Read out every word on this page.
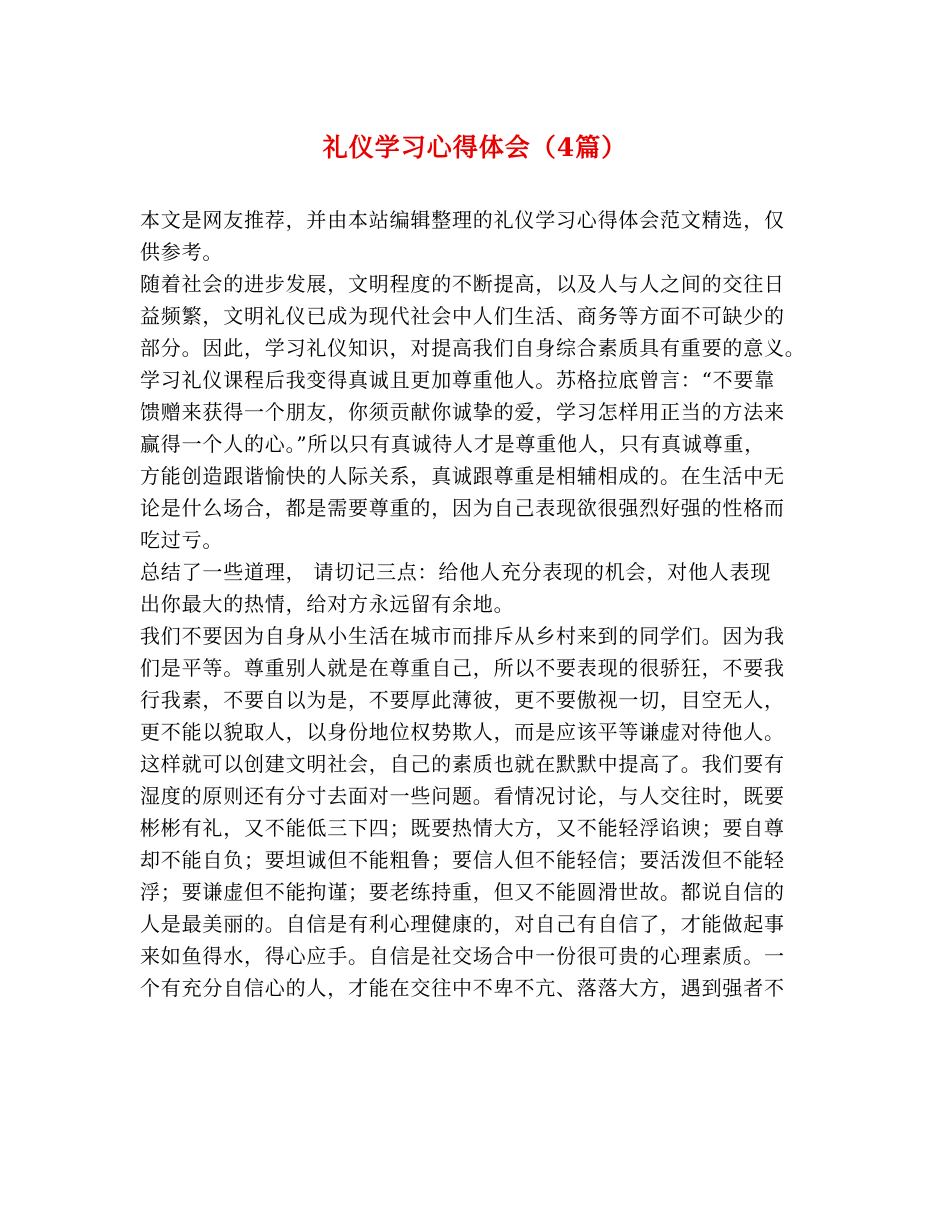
礼仪学习心得体会（4篇）
本文是网友推荐，并由本站编辑整理的礼仪学习心得体会范文精选，仅
供参考。
随着社会的进步发展，文明程度的不断提高，以及人与人之间的交往日
益频繁，文明礼仪已成为现代社会中人们生活、商务等方面不可缺少的
部分。因此，学习礼仪知识，对提高我们自身综合素质具有重要的意义。
学习礼仪课程后我变得真诚且更加尊重他人。苏格拉底曾言：“不要靠
馈赠来获得一个朋友，你须贡献你诚挚的爱，学习怎样用正当的方法来
赢得一个人的心。”所以只有真诚待人才是尊重他人，只有真诚尊重，
方能创造跟谐愉快的人际关系，真诚跟尊重是相辅相成的。在生活中无
论是什么场合，都是需要尊重的，因为自己表现欲很强烈好强的性格而
吃过亏。
总结了一些道理， 请切记三点：给他人充分表现的机会，对他人表现
出你最大的热情，给对方永远留有余地。
我们不要因为自身从小生活在城市而排斥从乡村来到的同学们。因为我
们是平等。尊重别人就是在尊重自己，所以不要表现的很骄狂，不要我
行我素，不要自以为是，不要厚此薄彼，更不要傲视一切，目空无人，
更不能以貌取人，以身份地位权势欺人，而是应该平等谦虚对待他人。
这样就可以创建文明社会，自己的素质也就在默默中提高了。我们要有
湿度的原则还有分寸去面对一些问题。看情况讨论，与人交往时，既要
彬彬有礼，又不能低三下四；既要热情大方，又不能轻浮谄谀；要自尊
却不能自负；要坦诚但不能粗鲁；要信人但不能轻信；要活泼但不能轻
浮；要谦虚但不能拘谨；要老练持重，但又不能圆滑世故。都说自信的
人是最美丽的。自信是有利心理健康的，对自己有自信了，才能做起事
来如鱼得水，得心应手。自信是社交场合中一份很可贵的心理素质。一
个有充分自信心的人，才能在交往中不卑不亢、落落大方，遇到强者不
